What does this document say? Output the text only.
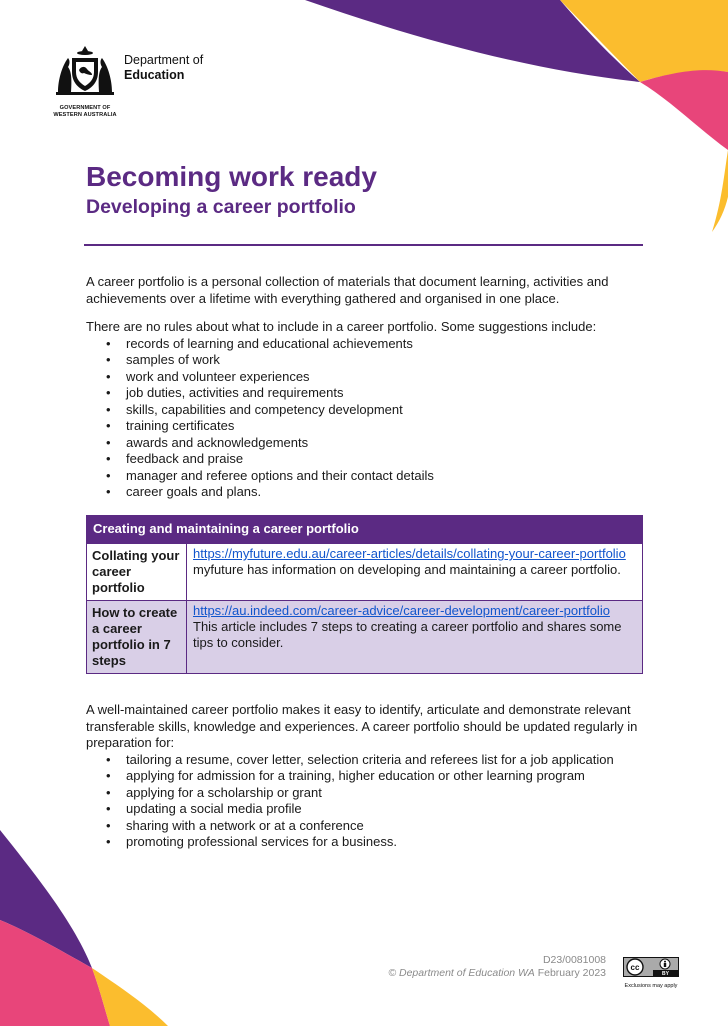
GOVERNMENT OF
WESTERN AUSTRALIA
Department of
Education
Becoming work ready
Developing a career portfolio

A career portfolio is a personal collection of materials that document learning, activities and achievements over a lifetime with everything gathered and organised in one place.

There are no rules about what to include in a career portfolio. Some suggestions include:

• records of learning and educational achievements
• samples of work
• work and volunteer experiences
• job duties, activities and requirements
• skills, capabilities and competency development
• training certificates
• awards and acknowledgements
• feedback and praise
• manager and referee options and their contact details
• career goals and plans.
Creating and maintaining a career portfolio	
Collating your career portfolio	https://myfuture.edu.au/career-articles/details/collating-your-career-portfolio
myfuture has information on developing and maintaining a career portfolio.

How to create a career portfolio in 7 steps	https://au.indeed.com/career-advice/career-development/career-portfolio
This article includes 7 steps to creating a career portfolio and shares some tips to consider.

A well-maintained career portfolio makes it easy to identify, articulate and demonstrate relevant transferable skills, knowledge and experiences. A career portfolio should be updated regularly in preparation for:

• tailoring a resume, cover letter, selection criteria and referees list for a job application
• applying for admission for a training, higher education or other learning program
• applying for a scholarship or grant
• updating a social media profile
• sharing with a network or at a conference
• promoting professional services for a business.
D23/0081008
© Department of Education WA February 2023	cc
BY
Exclusions may apply
